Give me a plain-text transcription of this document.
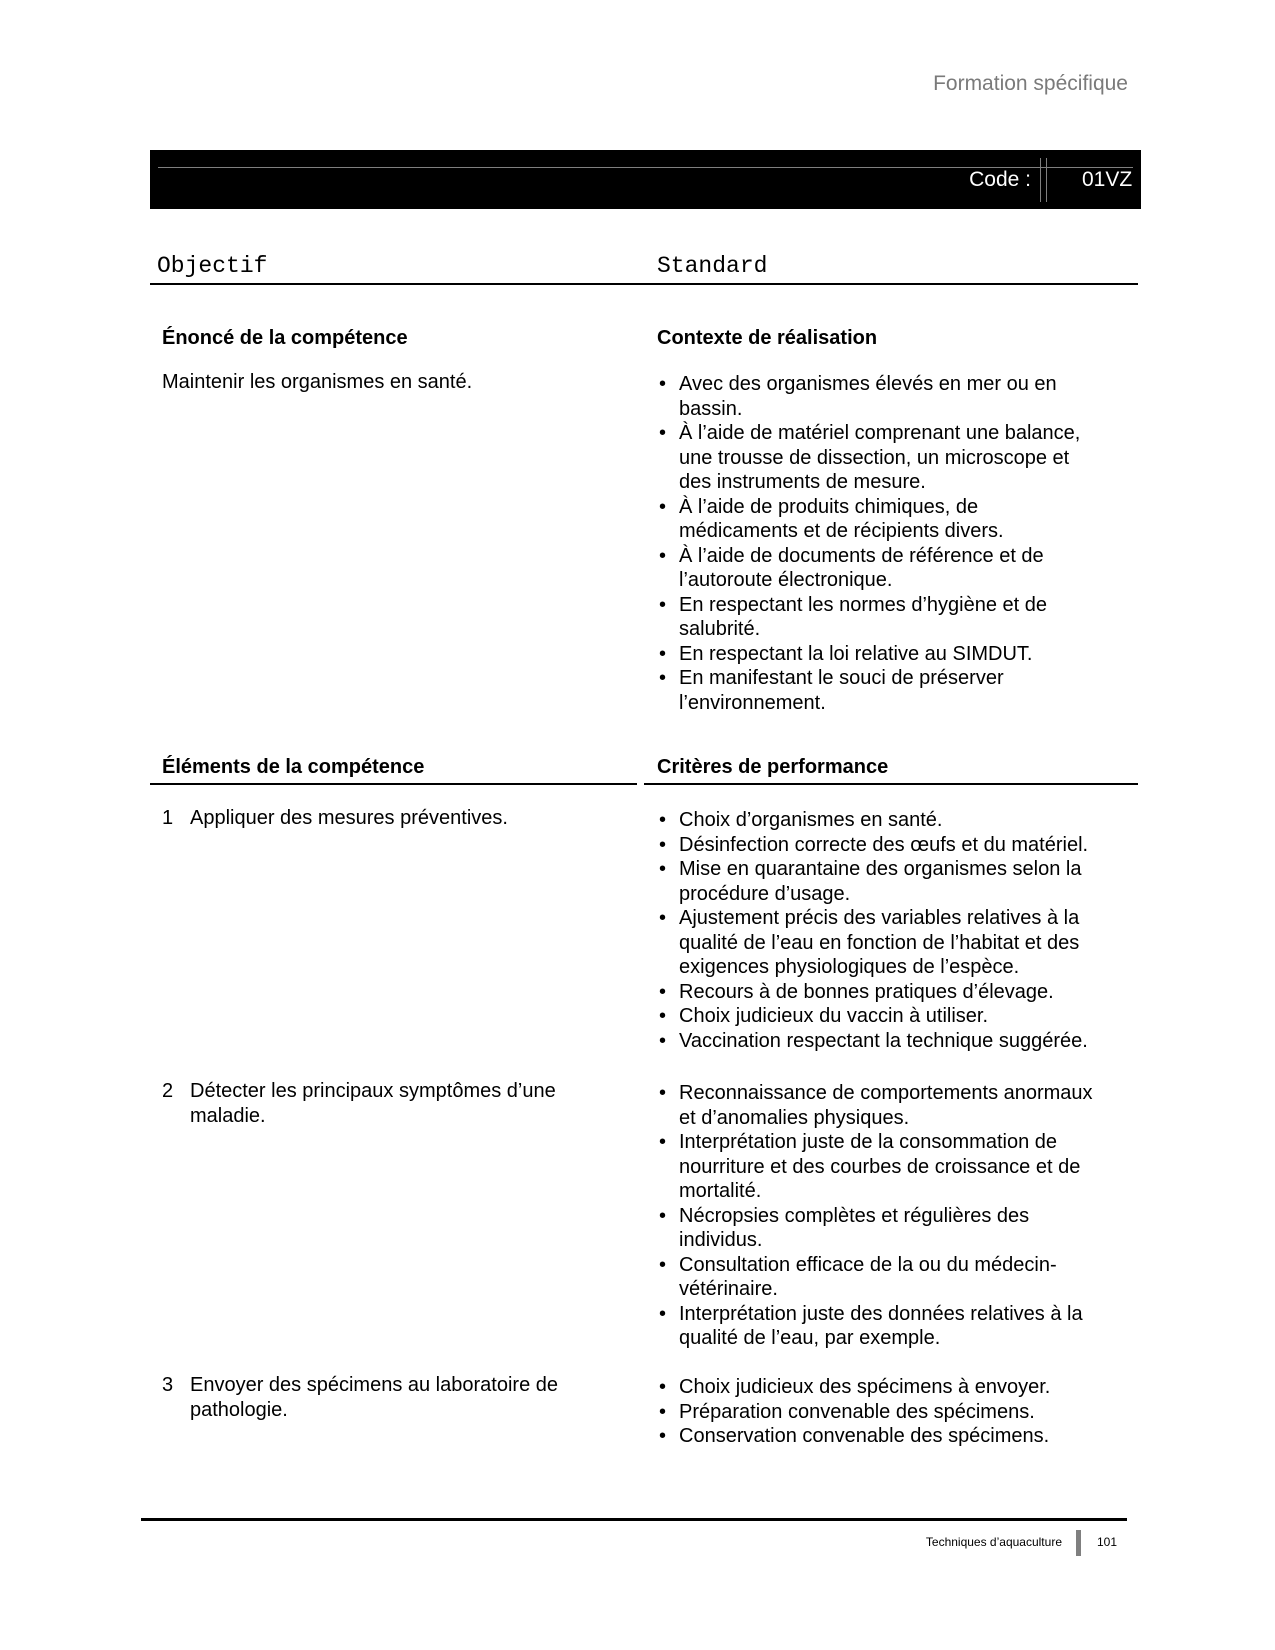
Formation spécifique
Code : 01VZ
Objectif	Standard
Énoncé de la compétence
Maintenir les organismes en santé.
Contexte de réalisation
• Avec des organismes élevés en mer ou en bassin.
• À l’aide de matériel comprenant une balance, une trousse de dissection, un microscope et des instruments de mesure.
• À l’aide de produits chimiques, de médicaments et de récipients divers.
• À l’aide de documents de référence et de l’autoroute électronique.
• En respectant les normes d’hygiène et de salubrité.
• En respectant la loi relative au SIMDUT.
• En manifestant le souci de préserver l’environnement.
Éléments de la compétence	Critères de performance
1 Appliquer des mesures préventives.
•	Choix d’organismes en santé.
• Désinfection correcte des œufs et du matériel.
• Mise en quarantaine des organismes selon la procédure d’usage.
• Ajustement précis des variables relatives à la qualité de l’eau en fonction de l’habitat et des exigences physiologiques de l’espèce.
• Recours à de bonnes pratiques d’élevage.
• Choix judicieux du vaccin à utiliser.
• Vaccination respectant la technique suggérée.
2 Détecter les principaux symptômes d’une maladie.
• Reconnaissance de comportements anormaux et d’anomalies physiques.
• Interprétation juste de la consommation de nourriture et des courbes de croissance et de mortalité.
• Nécropsies complètes et régulières des individus.
• Consultation efficace de la ou du médecin-vétérinaire.
• Interprétation juste des données relatives à la qualité de l’eau, par exemple.
3 Envoyer des spécimens au laboratoire de pathologie.
• Choix judicieux des spécimens à envoyer.
• Préparation convenable des spécimens.
• Conservation convenable des spécimens.
Techniques d’aquaculture	101
